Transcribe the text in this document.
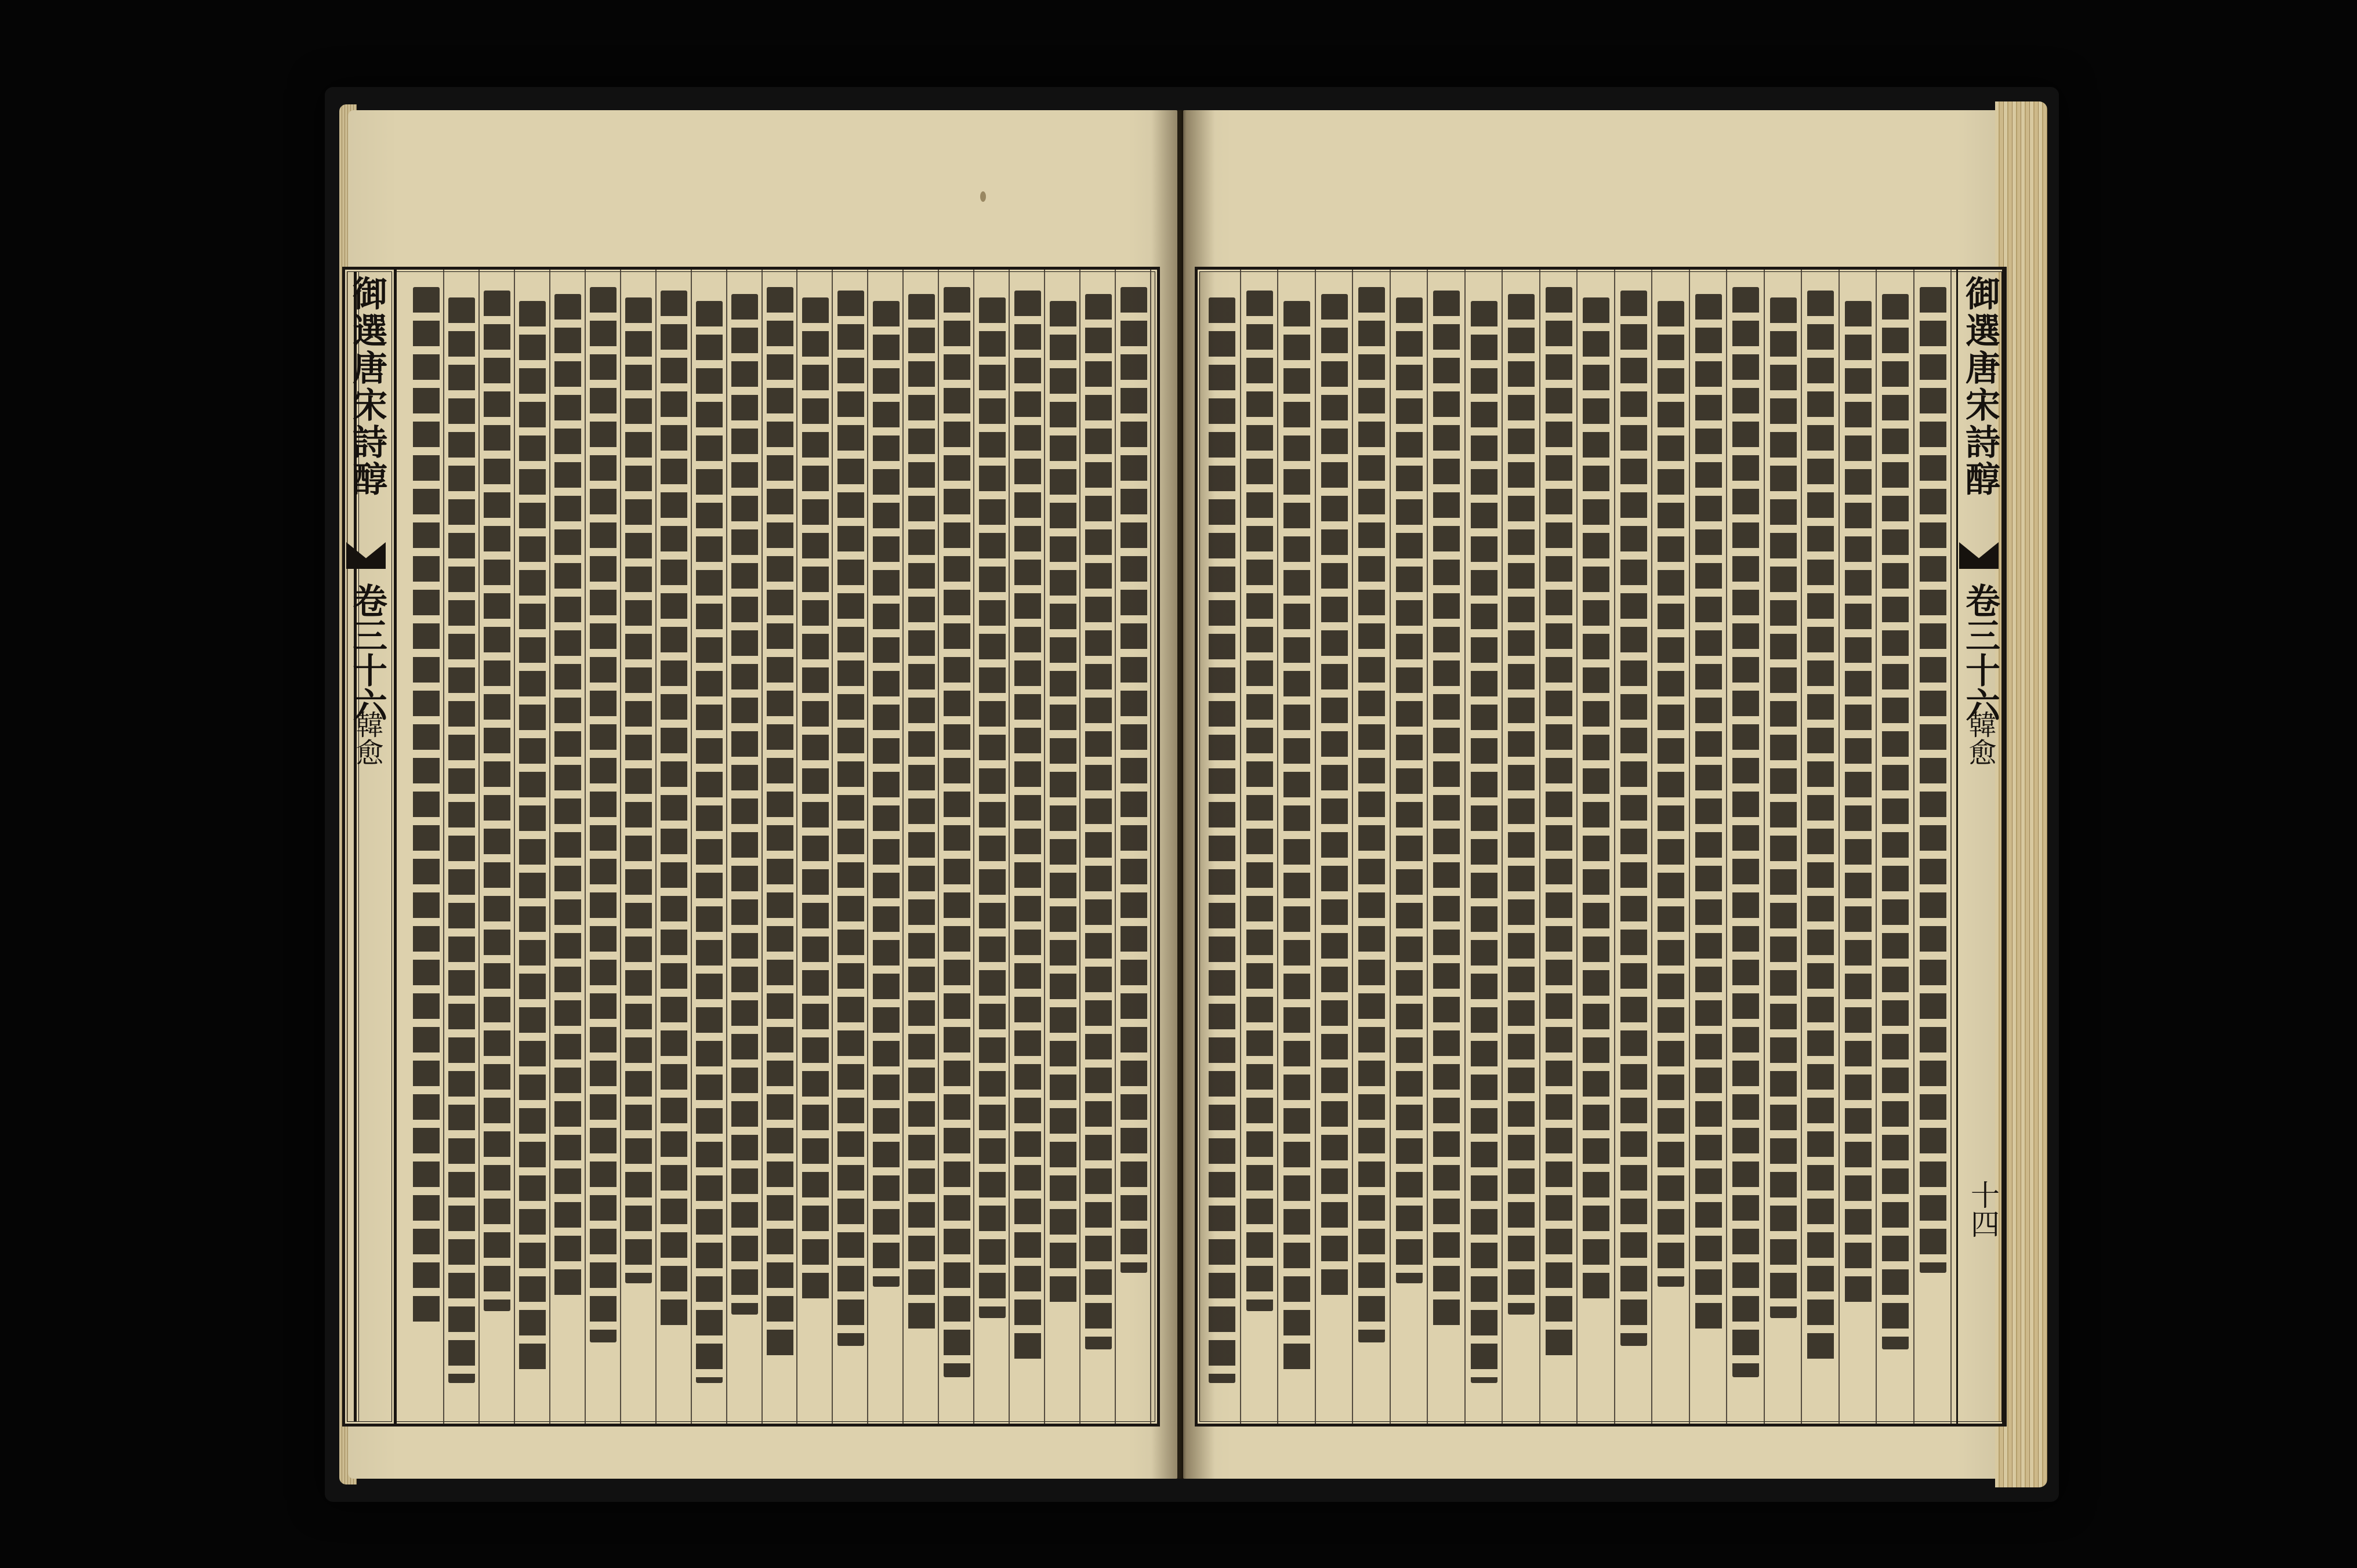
御選唐宋詩醇
卷三十六
韓愈
十四
御選唐宋詩醇
卷三十六
韓愈
